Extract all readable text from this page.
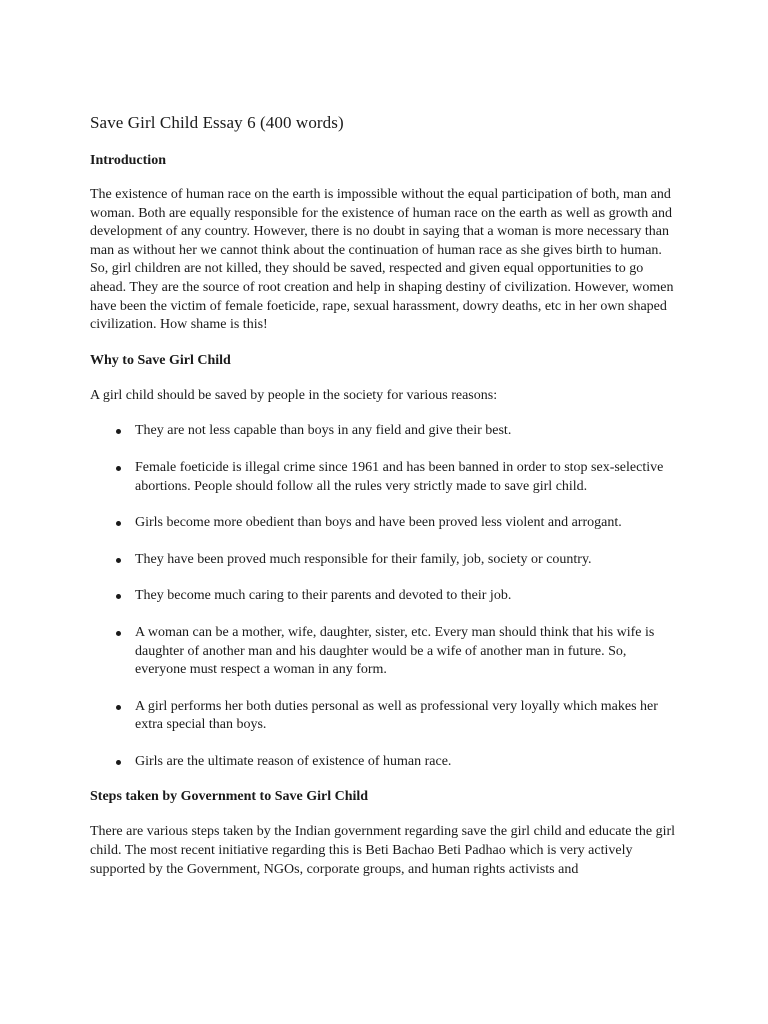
Save Girl Child Essay 6 (400 words)
Introduction

The existence of human race on the earth is impossible without the equal participation of both, man and woman. Both are equally responsible for the existence of human race on the earth as well as growth and development of any country. However, there is no doubt in saying that a woman is more necessary than man as without her we cannot think about the continuation of human race as she gives birth to human. So, girl children are not killed, they should be saved, respected and given equal opportunities to go ahead. They are the source of root creation and help in shaping destiny of civilization. However, women have been the victim of female foeticide, rape, sexual harassment, dowry deaths, etc in her own shaped civilization. How shame is this!

Why to Save Girl Child

A girl child should be saved by people in the society for various reasons:

They are not less capable than boys in any field and give their best.
Female foeticide is illegal crime since 1961 and has been banned in order to stop sex-selective abortions. People should follow all the rules very strictly made to save girl child.
Girls become more obedient than boys and have been proved less violent and arrogant.
They have been proved much responsible for their family, job, society or country.
They become much caring to their parents and devoted to their job.
A woman can be a mother, wife, daughter, sister, etc. Every man should think that his wife is daughter of another man and his daughter would be a wife of another man in future. So, everyone must respect a woman in any form.
A girl performs her both duties personal as well as professional very loyally which makes her extra special than boys.
Girls are the ultimate reason of existence of human race.
Steps taken by Government to Save Girl Child

There are various steps taken by the Indian government regarding save the girl child and educate the girl child. The most recent initiative regarding this is Beti Bachao Beti Padhao which is very actively supported by the Government, NGOs, corporate groups, and human rights activists and
